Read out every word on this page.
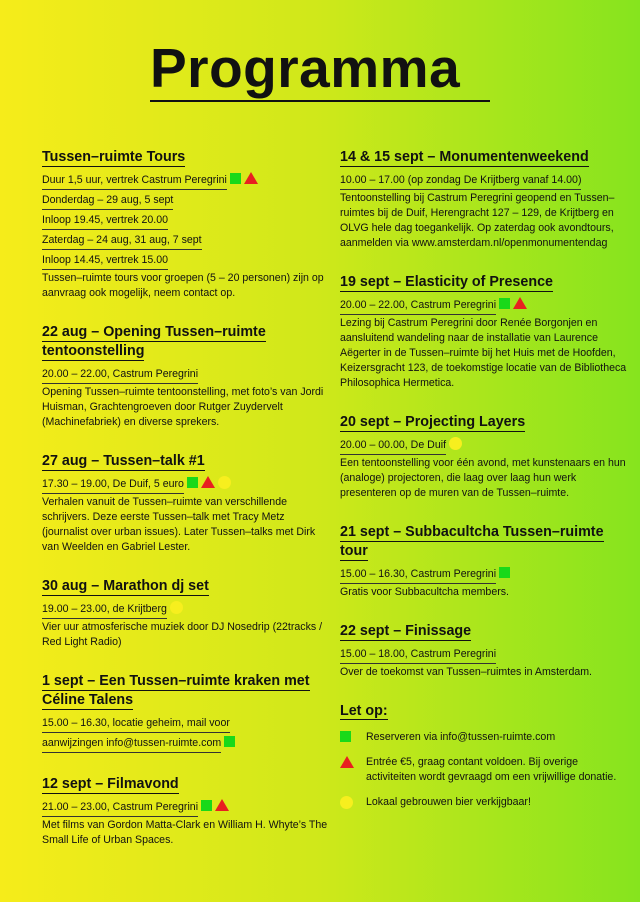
Programma
Tussen–ruimte Tours
Duur 1,5 uur, vertrek Castrum Peregrini
Donderdag – 29 aug, 5 sept
Inloop 19.45, vertrek 20.00
Zaterdag – 24 aug, 31 aug, 7 sept
Inloop 14.45, vertrek 15.00
Tussen–ruimte tours voor groepen (5 – 20 personen) zijn op aanvraag ook mogelijk, neem contact op.
22 aug – Opening Tussen–ruimte tentoonstelling
20.00 – 22.00, Castrum Peregrini
Opening Tussen–ruimte tentoonstelling, met foto’s van Jordi Huisman, Grachtengroeven door Rutger Zuydervelt (Machinefabriek) en diverse sprekers.
27 aug – Tussen–talk #1
17.30 – 19.00, De Duif, 5 euro
Verhalen vanuit de Tussen–ruimte van verschillende schrijvers. Deze eerste Tussen–talk met Tracy Metz (journalist over urban issues). Later Tussen–talks met Dirk van Weelden en Gabriel Lester.
30 aug – Marathon dj set
19.00 – 23.00, de Krijtberg
Vier uur atmosferische muziek door DJ Nosedrip (22tracks / Red Light Radio)
1 sept – Een Tussen–ruimte kraken met Céline Talens
15.00 – 16.30, locatie geheim, mail voor
aanwijzingen info@tussen-ruimte.com
12 sept – Filmavond
21.00 – 23.00, Castrum Peregrini
Met films van Gordon Matta-Clark en William H. Whyte’s The Small Life of Urban Spaces.
14 & 15 sept – Monumentenweekend
10.00 – 17.00 (op zondag De Krijtberg vanaf 14.00)
Tentoonstelling bij Castrum Peregrini geopend en Tussen–ruimtes bij de Duif, Herengracht 127 – 129, de Krijtberg en OLVG hele dag toegankelijk. Op zaterdag ook avondtours, aanmelden via www.amsterdam.nl/openmonumentendag
19 sept – Elasticity of Presence
20.00 – 22.00, Castrum Peregrini
Lezing bij Castrum Peregrini door Renée Borgonjen en aansluitend wandeling naar de installatie van Laurence Aëgerter in de Tussen–ruimte bij het Huis met de Hoofden, Keizersgracht 123, de toekomstige locatie van de Bibliotheca Philosophica Hermetica.
20 sept – Projecting Layers
20.00 – 00.00, De Duif
Een tentoonstelling voor één avond, met kunstenaars en hun (analoge) projectoren, die laag over laag hun werk presenteren op de muren van de Tussen–ruimte.
21 sept – Subbacultcha Tussen–ruimte tour
15.00 – 16.30, Castrum Peregrini
Gratis voor Subbacultcha members.
22 sept – Finissage
15.00 – 18.00, Castrum Peregrini
Over de toekomst van Tussen–ruimtes in Amsterdam.
Let op:
Reserveren via info@tussen-ruimte.com
Entrée €5, graag contant voldoen. Bij overige activiteiten wordt gevraagd om een vrijwillige donatie.
Lokaal gebrouwen bier verkijgbaar!
